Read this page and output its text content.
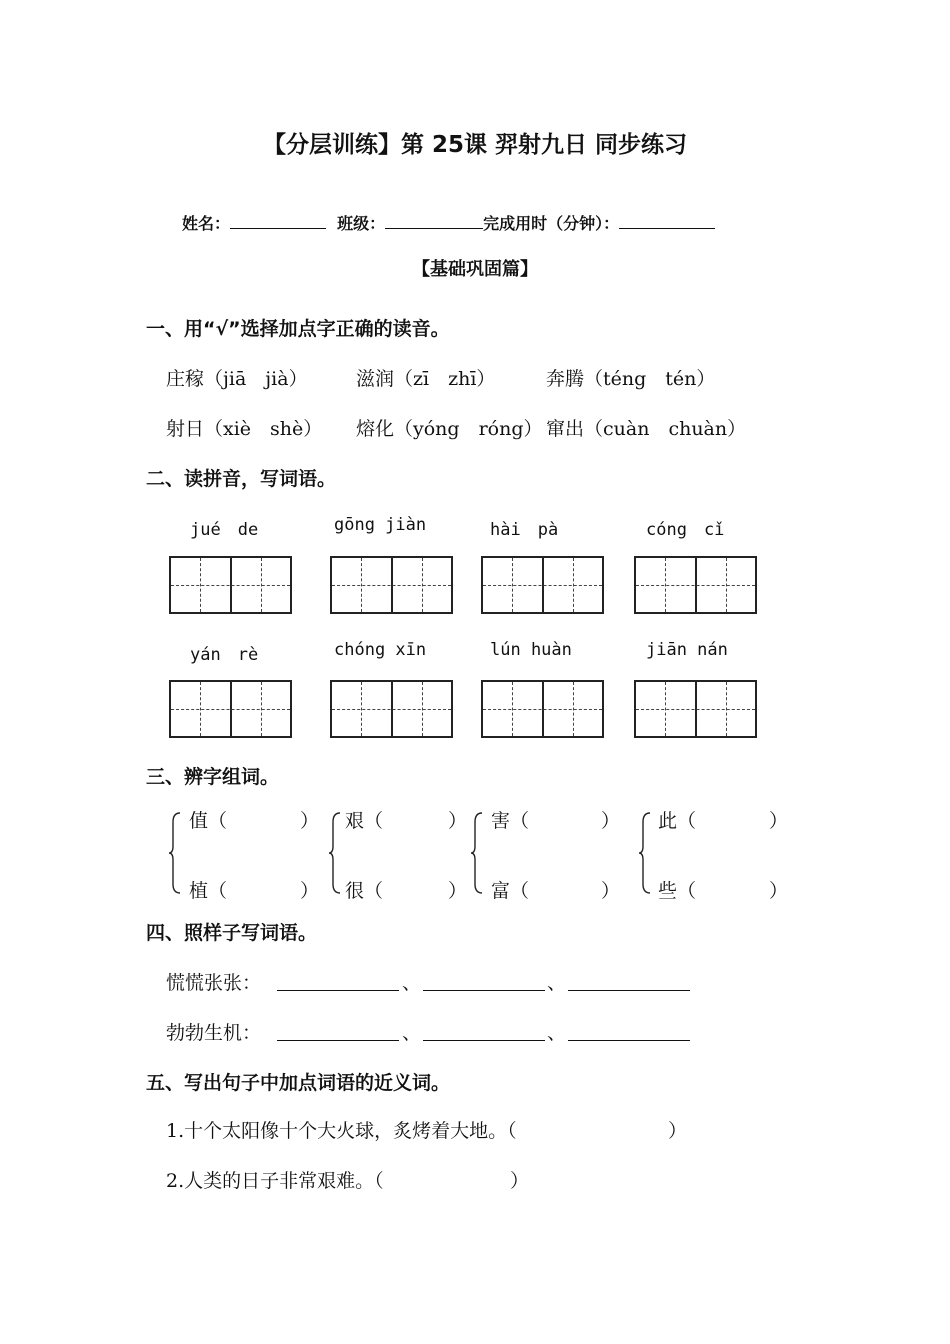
【分层训练】第 25课 羿射九日 同步练习
姓名：	班级：	完成用时（分钟）：
【基础巩固篇】
一、用“√”选择加点字正确的读音。
庄稼（jiā　jià）	滋润（zī　zhī）	奔腾（téng　tén）
射日（xiè　shè） 熔化（yóng　róng） 窜出（cuàn　chuàn）
二、读拼音，写词语。
jué　de	gōng jiàn	hài　pà	cóng　cǐ
yán　rè	chóng xīn	lún huàn	jiān nán
三、辨字组词。
值（	）
植（	）
艰（	）
很（	）
害（	）
富（	）
此（	）
些（	）
四、照样子写词语。
慌慌张张：	、	、
勃勃生机：	、	、
五、写出句子中加点词语的近义词。
1.十个太阳像十个大火球，炙烤着大地。（	）
2.人类的日子非常艰难。（	）
